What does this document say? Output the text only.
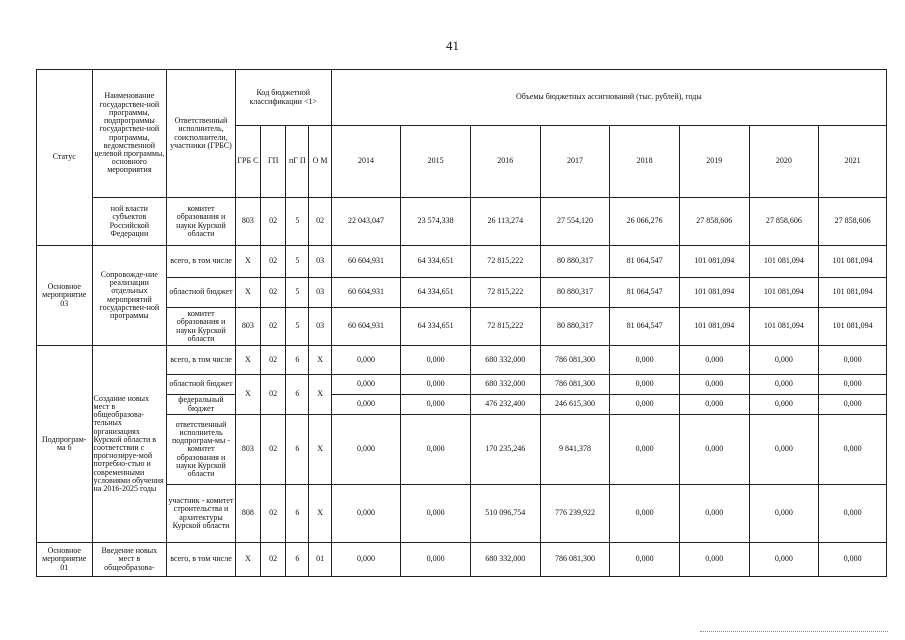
41
Статус	Наименование государствен-ной программы, подпрограммы государствен-ной программы, ведомственной целевой программы, основного мероприятия	Ответственный исполнитель, соисполнители, участники (ГРБС)	Код бюджетной классификации <1>				Объемы бюджетных ассигнований (тыс. рублей), годы							
			ГРБ С	ГП	пГ П	О М	2014	2015	2016	2017	2018	2019	2020	2021
	ной власти субъектов Российской Федерации	комитет образования и науки Курской области	803	02	5	02	22 043,047	23 574,338	26 113,274	27 554,120	26 066,276	27 858,606	27 858,606	27 858,606
Основное мероприятие 03	Сопровожде-ние реализации отдельных мероприятий государствен-ной программы	всего, в том числе	Х	02	5	03	60 604,931	64 334,651	72 815,222	80 880,317	81 064,547	101 081,094	101 081,094	101 081,094
		областной бюджет	Х	02	5	03	60 604,931	64 334,651	72 815,222	80 880,317	81 064,547	101 081,094	101 081,094	101 081,094
		комитет образования и науки Курской области	803	02	5	03	60 604,931	64 334,651	72 815,222	80 880,317	81 064,547	101 081,094	101 081,094	101 081,094
Подпрограм-ма 6	Создание новых мест в общеобразова-тельных организациях Курской области в соответствии с прогнозируе-мой потребно-стью и современными условиями обучения на 2016-2025 годы	всего, в том числе	Х	02	6	Х	0,000	0,000	680 332,000	786 081,300	0,000	0,000	0,000	0,000
		областной бюджет	Х	02	6	Х	0,000	0,000	680 332,000	786 081,300	0,000	0,000	0,000	0,000
		федеральный бюджет					0,000	0,000	476 232,400	246 615,300	0,000	0,000	0,000	0,000
		ответственный исполнитель подпрограм-мы - комитет образования и науки Курской области	803	02	6	Х	0,000	0,000	170 235,246	9 841,378	0,000	0,000	0,000	0,000
		участник - комитет строительства и архитектуры Курской области	808	02	6	Х	0,000	0,000	510 096,754	776 239,922	0,000	0,000	0,000	0,000
Основное мероприятие 01	Введение новых мест в общеобразова-	всего, в том числе	Х	02	6	01	0,000	0,000	680 332,000	786 081,300	0,000	0,000	0,000	0,000
